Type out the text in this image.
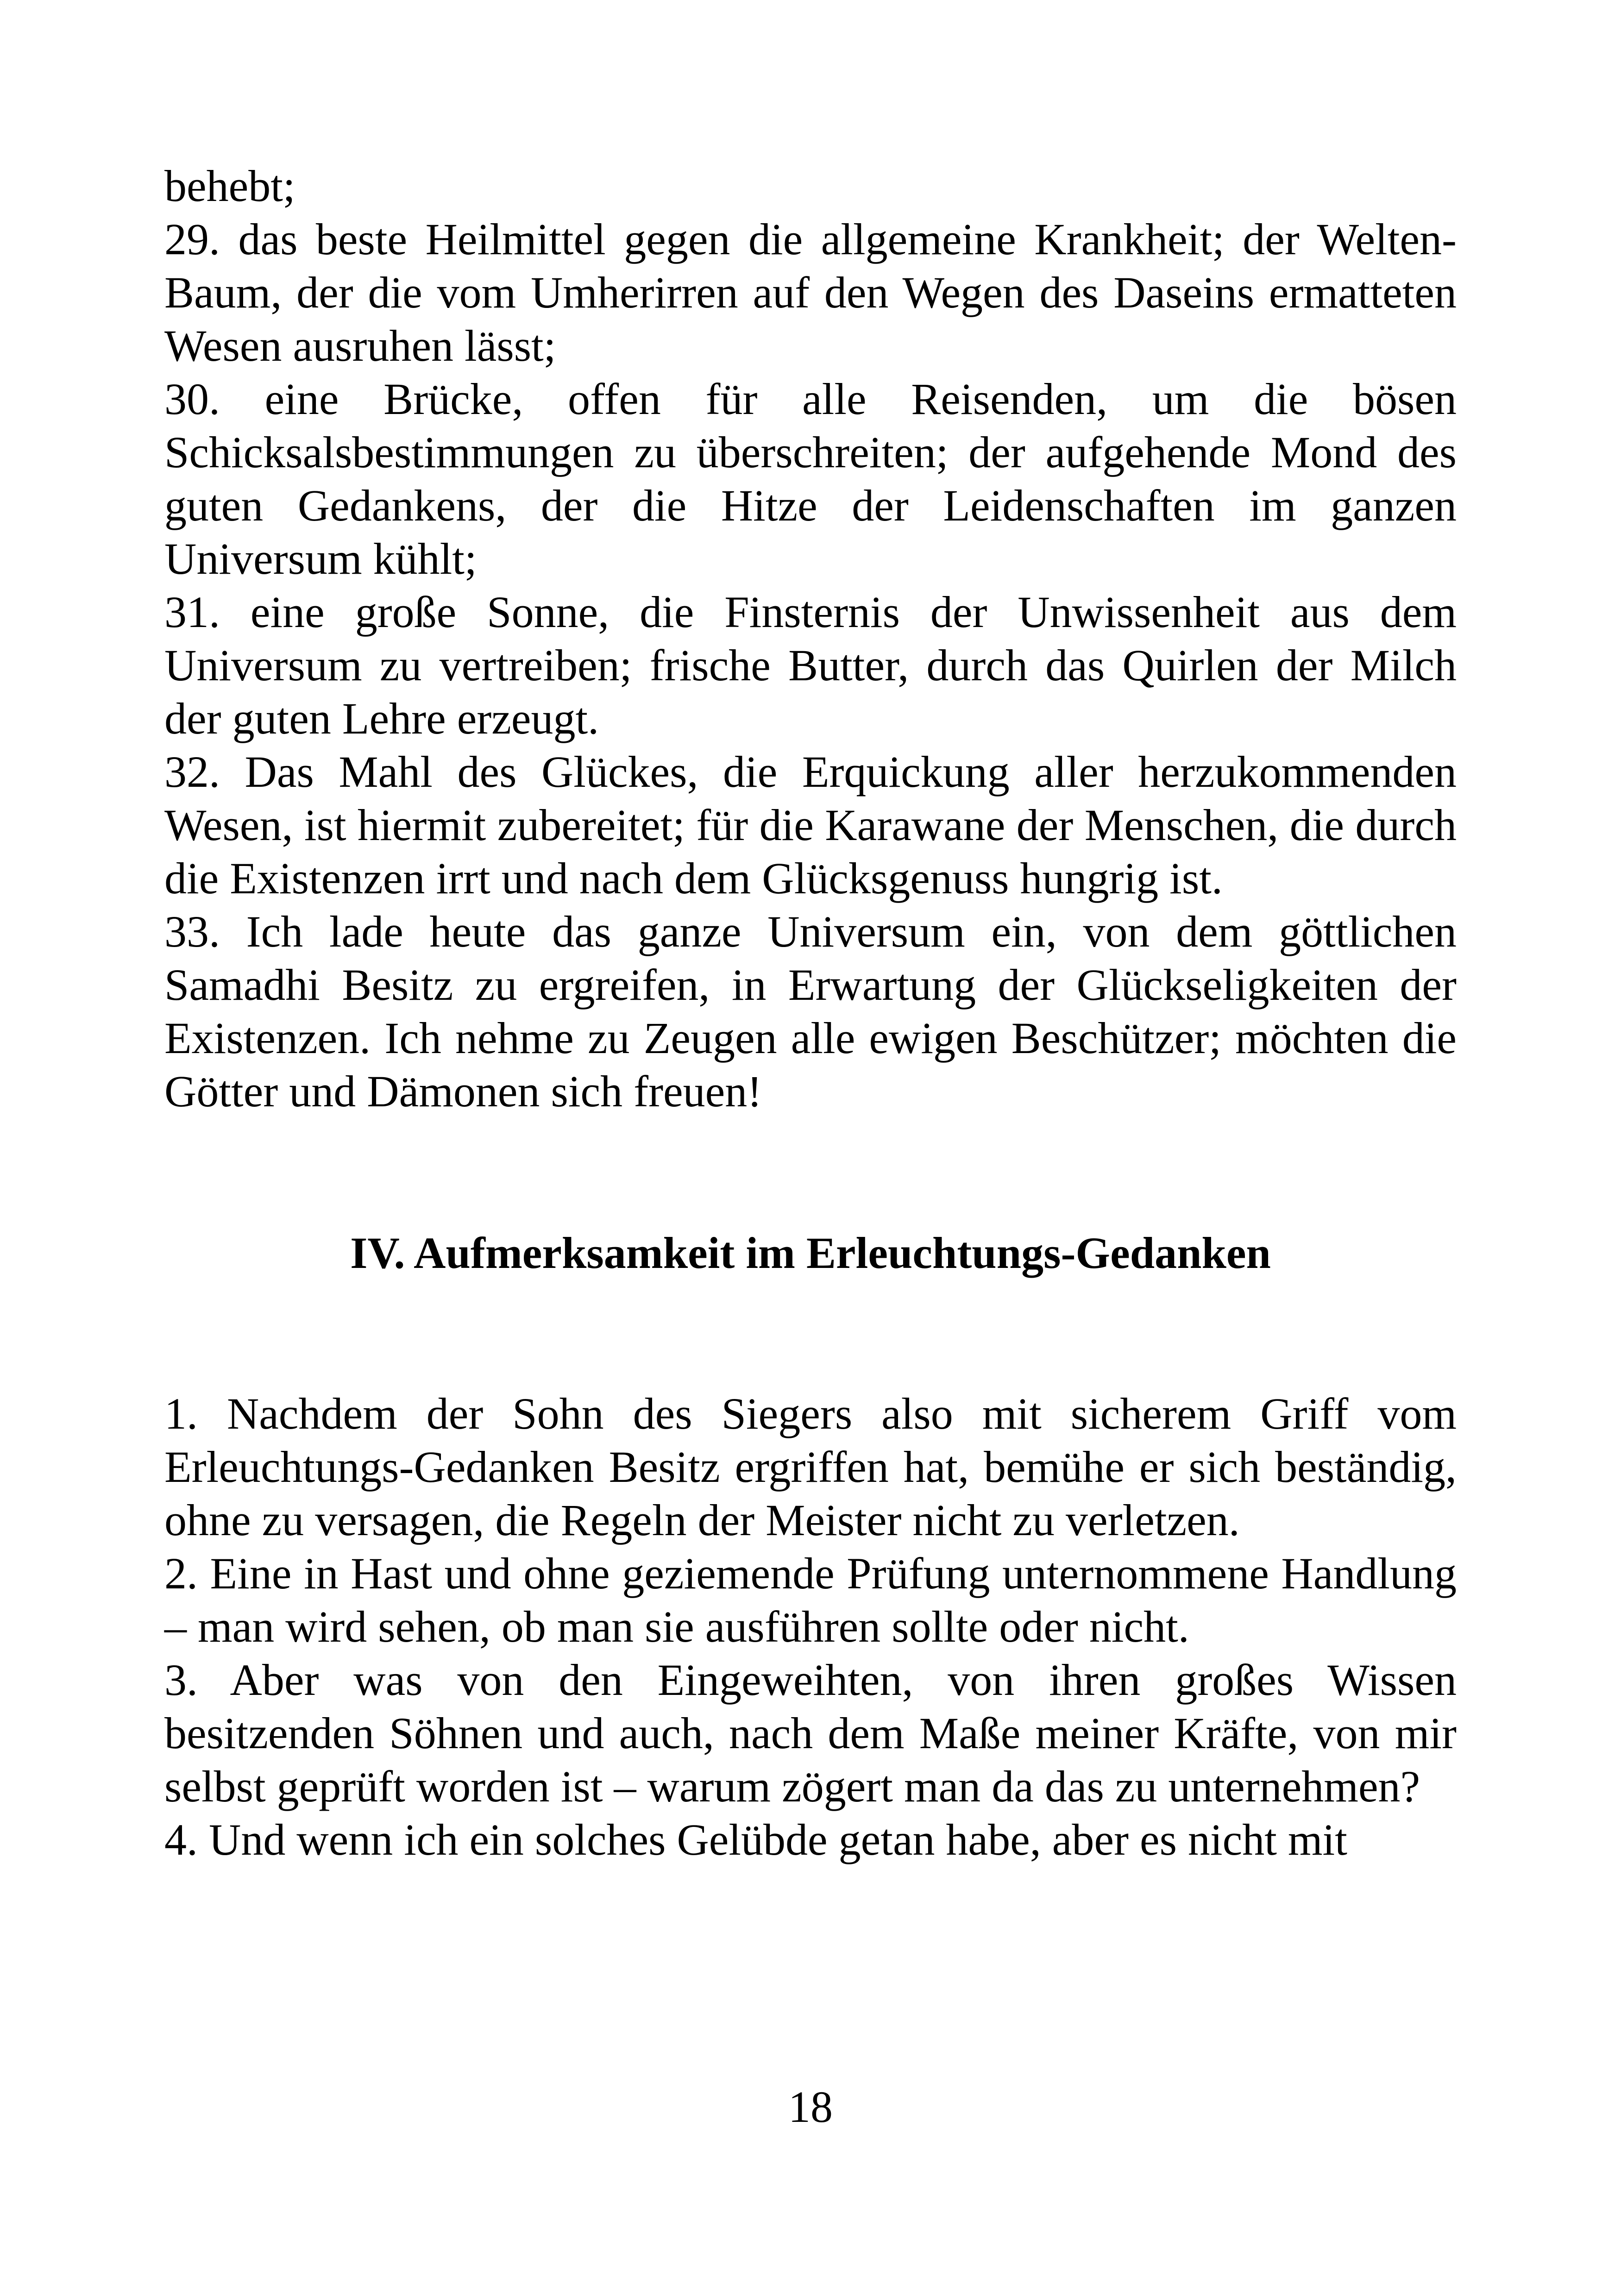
behebt;

29. das beste Heilmittel gegen die allgemeine Krankheit; der Welten-Baum, der die vom Umherirren auf den Wegen des Daseins ermatteten Wesen ausruhen lässt;

30. eine Brücke, offen für alle Reisenden, um die bösen Schicksalsbestimmungen zu überschreiten; der aufgehende Mond des guten Gedankens, der die Hitze der Leidenschaften im ganzen Universum kühlt;

31. eine große Sonne, die Finsternis der Unwissenheit aus dem Universum zu vertreiben; frische Butter, durch das Quirlen der Milch der guten Lehre erzeugt.

32. Das Mahl des Glückes, die Erquickung aller herzukommenden Wesen, ist hiermit zubereitet; für die Karawane der Menschen, die durch die Existenzen irrt und nach dem Glücksgenuss hungrig ist.

33. Ich lade heute das ganze Universum ein, von dem göttlichen Samadhi Besitz zu ergreifen, in Erwartung der Glückseligkeiten der Existenzen. Ich nehme zu Zeugen alle ewigen Beschützer; möchten die Götter und Dämonen sich freuen!

IV. Aufmerksamkeit im Erleuchtungs-Gedanken

1. Nachdem der Sohn des Siegers also mit sicherem Griff vom Erleuchtungs-Gedanken Besitz ergriffen hat, bemühe er sich beständig, ohne zu versagen, die Regeln der Meister nicht zu verletzen.

2. Eine in Hast und ohne geziemende Prüfung unternommene Handlung – man wird sehen, ob man sie ausführen sollte oder nicht.

3. Aber was von den Eingeweihten, von ihren großes Wissen besitzenden Söhnen und auch, nach dem Maße meiner Kräfte, von mir selbst geprüft worden ist – warum zögert man da das zu unternehmen?

4. Und wenn ich ein solches Gelübde getan habe, aber es nicht mit

18
